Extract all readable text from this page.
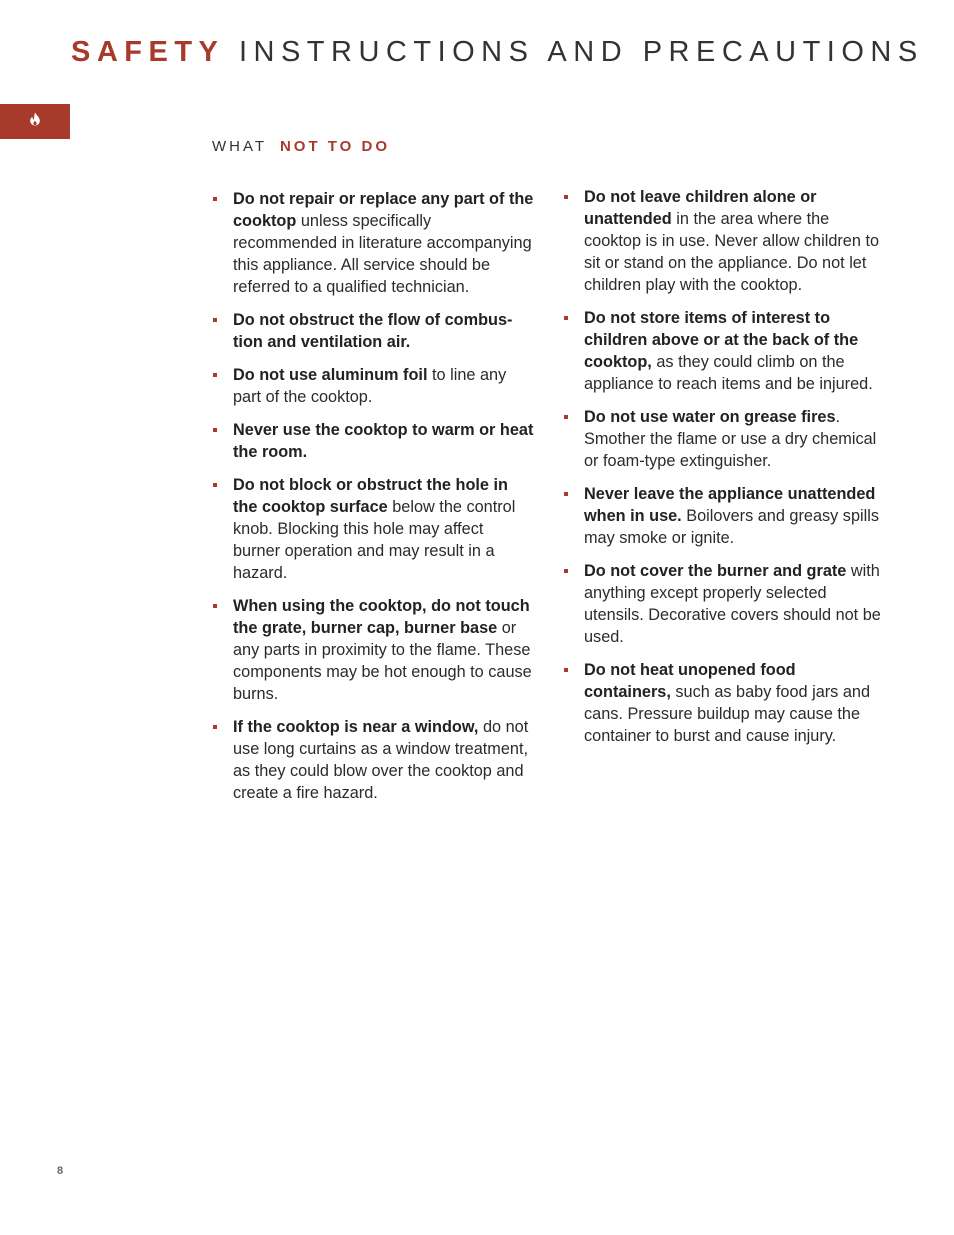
SAFETY INSTRUCTIONS AND PRECAUTIONS
WHAT NOT TO DO
Do not repair or replace any part of the cooktop unless specifically recommended in literature accompanying this appliance. All service should be referred to a qualified technician.
Do not obstruct the flow of combustion and ventilation air.
Do not use aluminum foil to line any part of the cooktop.
Never use the cooktop to warm or heat the room.
Do not block or obstruct the hole in the cooktop surface below the control knob. Blocking this hole may affect burner operation and may result in a hazard.
When using the cooktop, do not touch the grate, burner cap, burner base or any parts in proximity to the flame. These components may be hot enough to cause burns.
If the cooktop is near a window, do not use long curtains as a window treatment, as they could blow over the cooktop and create a fire hazard.
Do not leave children alone or unattended in the area where the cooktop is in use. Never allow children to sit or stand on the appliance. Do not let children play with the cooktop.
Do not store items of interest to children above or at the back of the cooktop, as they could climb on the appliance to reach items and be injured.
Do not use water on grease fires. Smother the flame or use a dry chemical or foam-type extinguisher.
Never leave the appliance unattended when in use. Boilovers and greasy spills may smoke or ignite.
Do not cover the burner and grate with anything except properly selected utensils. Decorative covers should not be used.
Do not heat unopened food containers, such as baby food jars and cans. Pressure buildup may cause the container to burst and cause injury.
8
